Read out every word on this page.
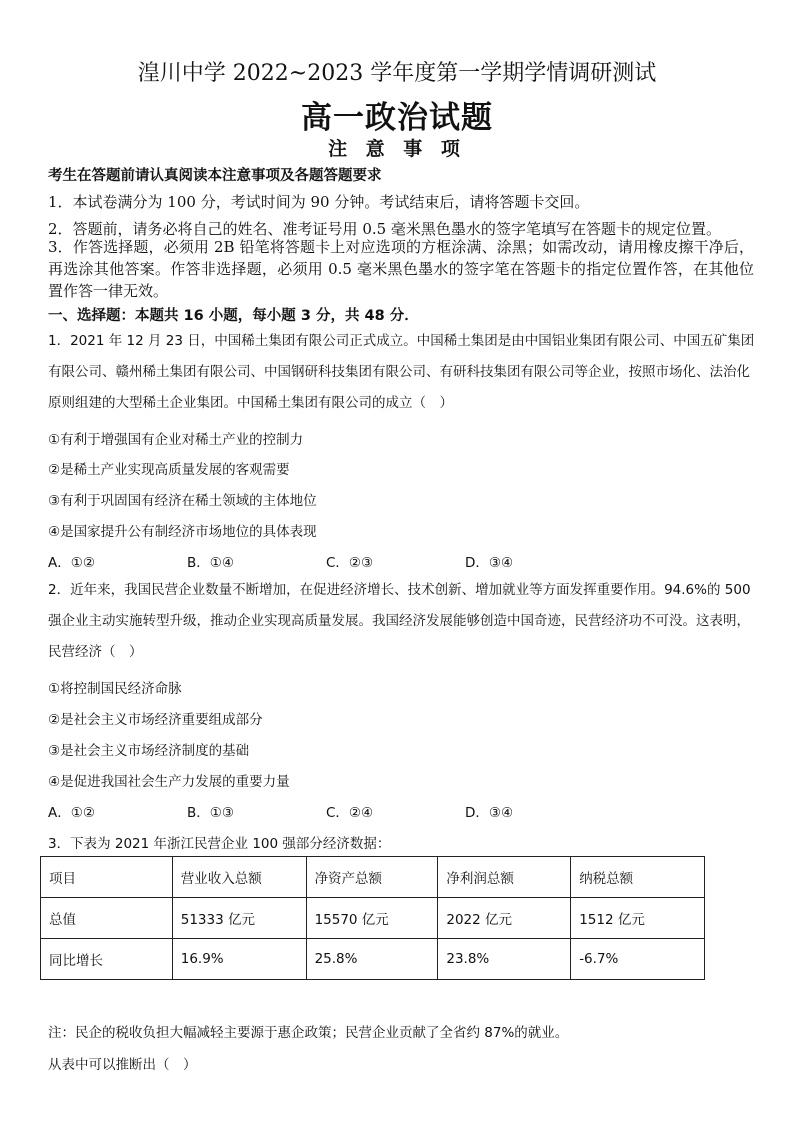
湟川中学 2022~2023 学年度第一学期学情调研测试
高一政治试题
注 意 事 项
考生在答题前请认真阅读本注意事项及各题答题要求
1．本试卷满分为 100 分，考试时间为 90 分钟。考试结束后，请将答题卡交回。
2．答题前，请务必将自己的姓名、准考证号用 0.5 毫米黑色墨水的签字笔填写在答题卡的规定位置。
3．作答选择题，必须用 2B 铅笔将答题卡上对应选项的方框涂满、涂黑；如需改动，请用橡皮擦干净后，再选涂其他答案。作答非选择题，必须用 0.5 毫米黑色墨水的签字笔在答题卡的指定位置作答，在其他位置作答一律无效。
一、选择题：本题共 16 小题，每小题 3 分，共 48 分．
1．2021 年 12 月 23 日，中国稀土集团有限公司正式成立。中国稀土集团是由中国铝业集团有限公司、中国五矿集团有限公司、赣州稀土集团有限公司、中国钢研科技集团有限公司、有研科技集团有限公司等企业，按照市场化、法治化原则组建的大型稀土企业集团。中国稀土集团有限公司的成立（　）
①有利于增强国有企业对稀土产业的控制力
②是稀土产业实现高质量发展的客观需要
③有利于巩固国有经济在稀土领域的主体地位
④是国家提升公有制经济市场地位的具体表现
A．①②	B．①④	C．②③	D．③④
2．近年来，我国民营企业数量不断增加，在促进经济增长、技术创新、增加就业等方面发挥重要作用。94.6%的 500 强企业主动实施转型升级，推动企业实现高质量发展。我国经济发展能够创造中国奇迹，民营经济功不可没。这表明，民营经济（　）
①将控制国民经济命脉
②是社会主义市场经济重要组成部分
③是社会主义市场经济制度的基础
④是促进我国社会生产力发展的重要力量
A．①②	B．①③	C．②④	D．③④
3．下表为 2021 年浙江民营企业 100 强部分经济数据：
项目	营业收入总额	净资产总额	净利润总额	纳税总额
总值	51333 亿元	15570 亿元	2022 亿元	1512 亿元
同比增长	16.9%	25.8%	23.8%	-6.7%
注：民企的税收负担大幅减轻主要源于惠企政策；民营企业贡献了全省约 87%的就业。
从表中可以推断出（　）
